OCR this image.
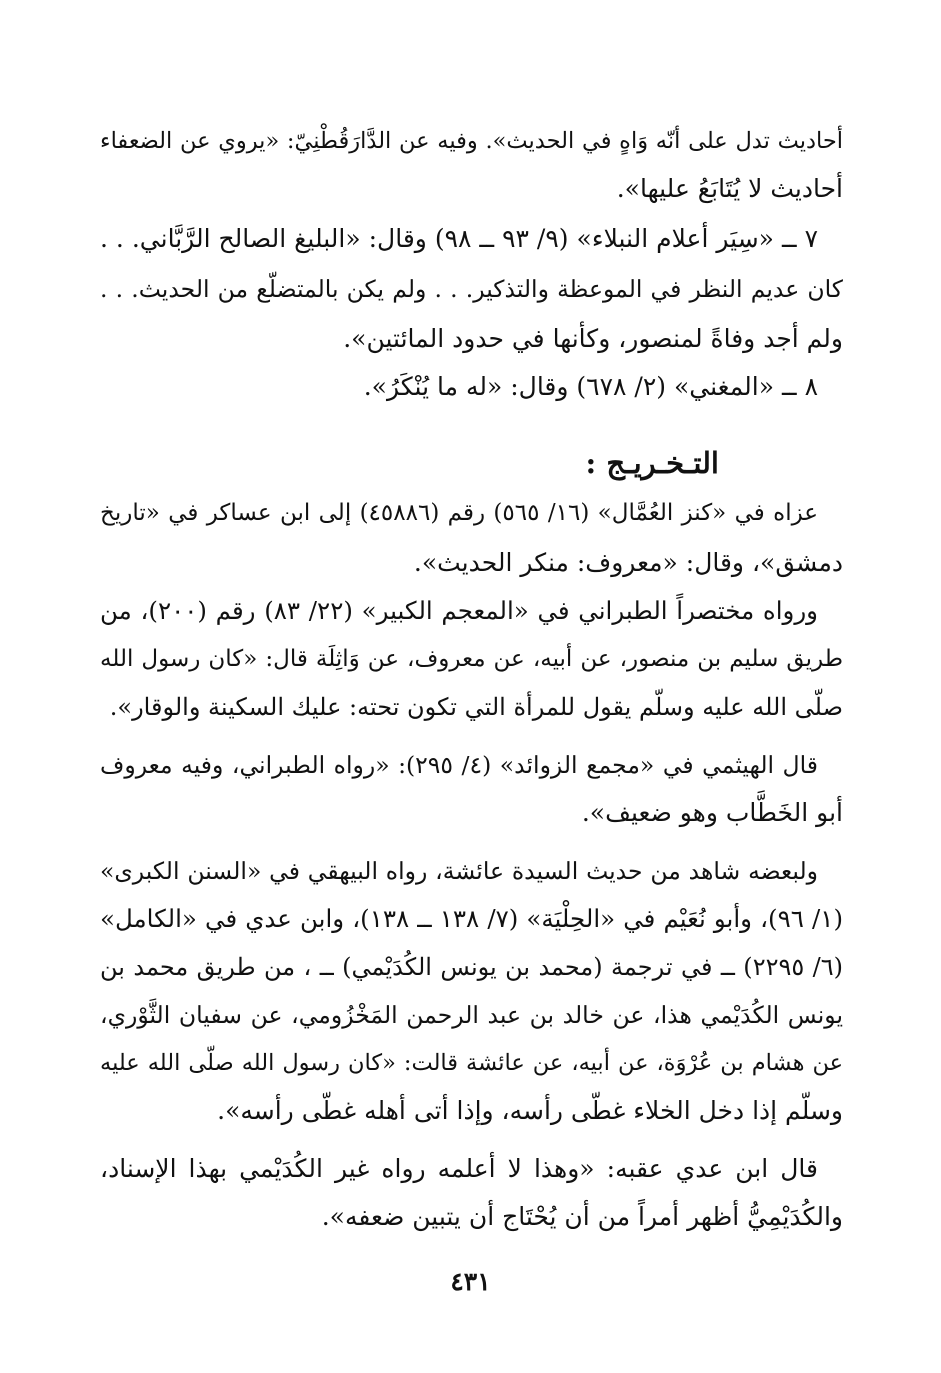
أحاديث تدل على أنّه وَاهٍ في الحديث». وفيه عن الدَّارَقُطْنِيّ: «يروي عن الضعفاء
أحاديث لا يُتَابَعُ عليها».
٧ ــ «سِيَر أعلام النبلاء» (٩/ ٩٣ ــ ٩٨) وقال: «البليغ الصالح الرَّبَّاني. . .
كان عديم النظر في الموعظة والتذكير. . . ولم يكن بالمتضلّع من الحديث. . .
ولم أجد وفاةً لمنصور، وكأنها في حدود المائتين».
٨ ــ «المغني» (٢/ ٦٧٨) وقال: «له ما يُنْكَرُ».
التـخـريـج :
عزاه في «كنز العُمَّال» (١٦/ ٥٦٥) رقم (٤٥٨٨٦) إلى ابن عساكر في «تاريخ
دمشق»، وقال: «معروف: منكر الحديث».
ورواه مختصراً الطبراني في «المعجم الكبير» (٢٢/ ٨٣) رقم (٢٠٠)، من
طريق سليم بن منصور، عن أبيه، عن معروف، عن وَاثِلَة قال: «كان رسول الله
صلّى الله عليه وسلّم يقول للمرأة التي تكون تحته: عليك السكينة والوقار».
قال الهيثمي في «مجمع الزوائد» (٤/ ٢٩٥): «رواه الطبراني، وفيه معروف
أبو الخَطَّاب وهو ضعيف».
ولبعضه شاهد من حديث السيدة عائشة، رواه البيهقي في «السنن الكبرى»
(١/ ٩٦)، وأبو نُعَيْم في «الحِلْيَة» (٧/ ١٣٨ ــ ١٣٨)، وابن عدي في «الكامل»
(٦/ ٢٢٩٥) ــ في ترجمة (محمد بن يونس الكُدَيْمي) ــ ، من طريق محمد بن
يونس الكُدَيْمي هذا، عن خالد بن عبد الرحمن المَخْزُومي، عن سفيان الثَّوْري،
عن هشام بن عُرْوَة، عن أبيه، عن عائشة قالت: «كان رسول الله صلّى الله عليه
وسلّم إذا دخل الخلاء غطّى رأسه، وإذا أتى أهله غطّى رأسه».
قال ابن عدي عقبه: «وهذا لا أعلمه رواه غير الكُدَيْمي بهذا الإسناد،
والكُدَيْمِيُّ أظهر أمراً من أن يُحْتَاج أن يتبين ضعفه».
٤٣١
